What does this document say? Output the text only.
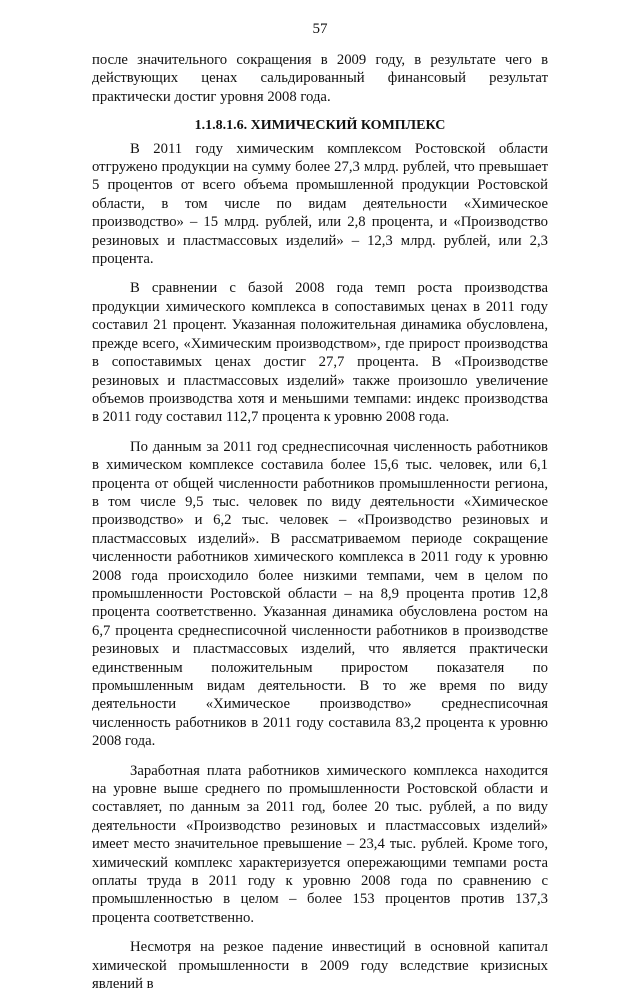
57

после значительного сокращения в 2009 году, в результате чего в действующих ценах сальдированный финансовый результат практически достиг уровня 2008 года.

1.1.8.1.6. ХИМИЧЕСКИЙ КОМПЛЕКС

В 2011 году химическим комплексом Ростовской области отгружено продукции на сумму более 27,3 млрд. рублей, что превышает 5 процентов от всего объема промышленной продукции Ростовской области, в том числе по видам деятельности «Химическое производство» – 15 млрд. рублей, или 2,8 процента, и «Производство резиновых и пластмассовых изделий» – 12,3 млрд. рублей, или 2,3 процента.

В сравнении с базой 2008 года темп роста производства продукции химического комплекса в сопоставимых ценах в 2011 году составил 21 процент. Указанная положительная динамика обусловлена, прежде всего, «Химическим производством», где прирост производства в сопоставимых ценах достиг 27,7 процента. В «Производстве резиновых и пластмассовых изделий» также произошло увеличение объемов производства хотя и меньшими темпами: индекс производства в 2011 году составил 112,7 процента к уровню 2008 года.

По данным за 2011 год среднесписочная численность работников в химическом комплексе составила более 15,6 тыс. человек, или 6,1 процента от общей численности работников промышленности региона, в том числе 9,5 тыс. человек по виду деятельности «Химическое производство» и 6,2 тыс. человек – «Производство резиновых и пластмассовых изделий». В рассматриваемом периоде сокращение численности работников химического комплекса в 2011 году к уровню 2008 года происходило более низкими темпами, чем в целом по промышленности Ростовской области – на 8,9 процента против 12,8 процента соответственно. Указанная динамика обусловлена ростом на 6,7 процента среднесписочной численности работников в производстве резиновых и пластмассовых изделий, что является практически единственным положительным приростом показателя по промышленным видам деятельности. В то же время по виду деятельности «Химическое производство» среднесписочная численность работников в 2011 году составила 83,2 процента к уровню 2008 года.

Заработная плата работников химического комплекса находится на уровне выше среднего по промышленности Ростовской области и составляет, по данным за 2011 год, более 20 тыс. рублей, а по виду деятельности «Производство резиновых и пластмассовых изделий» имеет место значительное превышение – 23,4 тыс. рублей. Кроме того, химический комплекс характеризуется опережающими темпами роста оплаты труда в 2011 году к уровню 2008 года по сравнению с промышленностью в целом – более 153 процентов против 137,3 процента соответственно.

Несмотря на резкое падение инвестиций в основной капитал химической промышленности в 2009 году вследствие кризисных явлений в
